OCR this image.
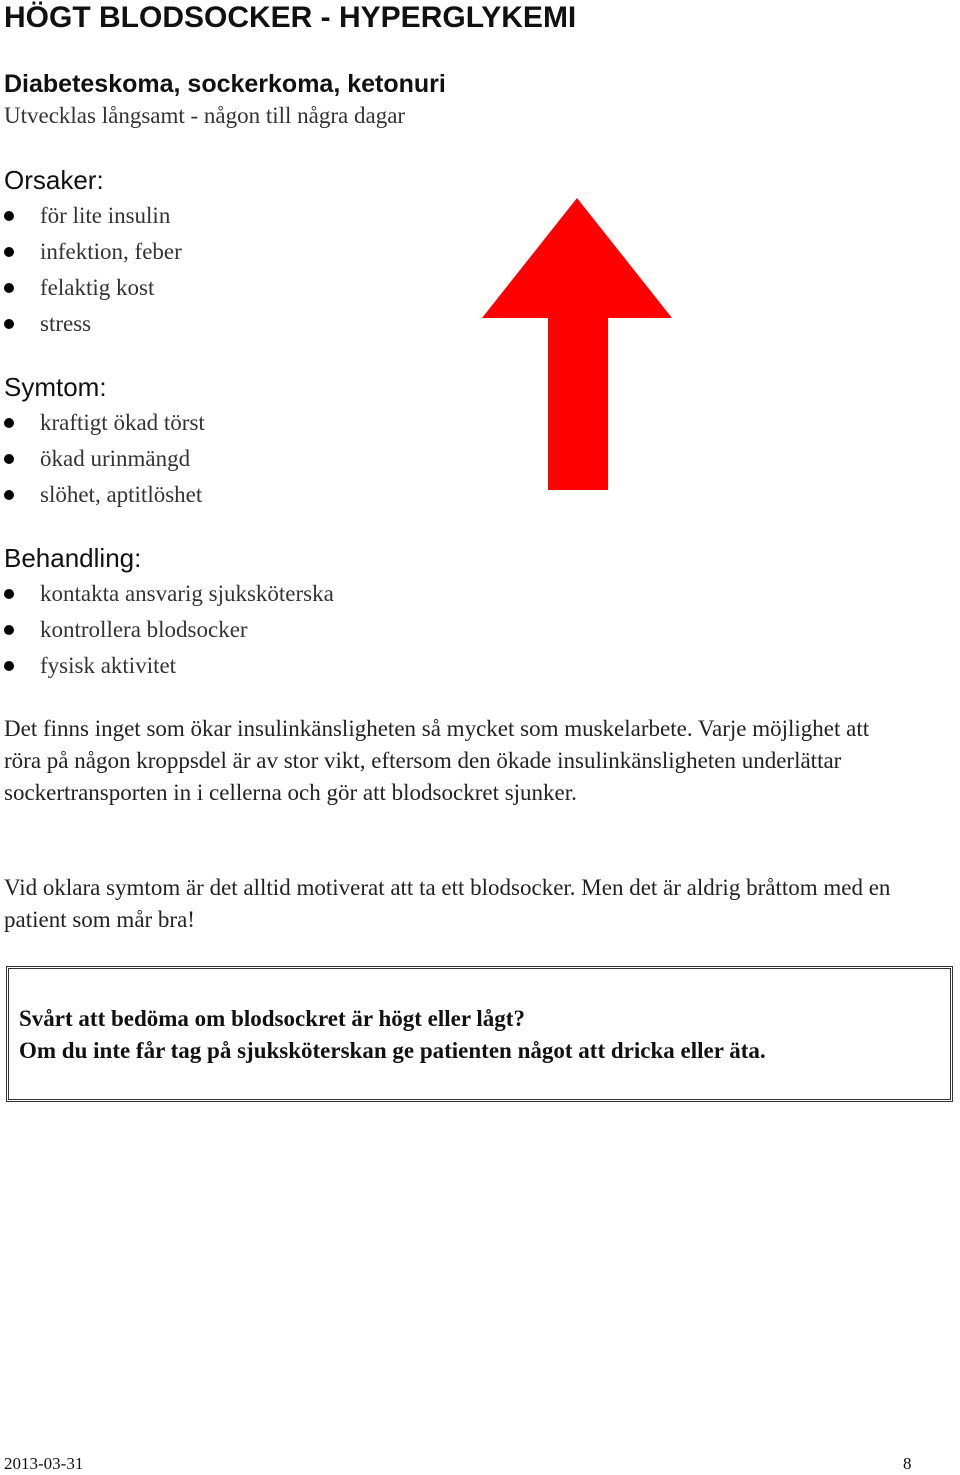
HÖGT BLODSOCKER - HYPERGLYKEMI
Diabeteskoma, sockerkoma, ketonuri
Utvecklas långsamt - någon till några dagar
Orsaker:
för lite insulin
infektion, feber
felaktig kost
stress
Symtom:
kraftigt ökad törst
ökad urinmängd
slöhet, aptitlöshet
Behandling:
kontakta ansvarig sjuksköterska
kontrollera blodsocker
fysisk aktivitet
Det finns inget som ökar insulinkänsligheten så mycket som muskelarbete. Varje möjlighet att röra på någon kroppsdel är av stor vikt, eftersom den ökade insulinkänsligheten underlättar sockertransporten in i cellerna och gör att blodsockret sjunker.
Vid oklara symtom är det alltid motiverat att ta ett blodsocker. Men det är aldrig bråttom med en patient som mår bra!
Svårt att bedöma om blodsockret är högt eller lågt?
Om du inte får tag på sjuksköterskan ge patienten något att dricka eller äta.
2013-03-31	8
